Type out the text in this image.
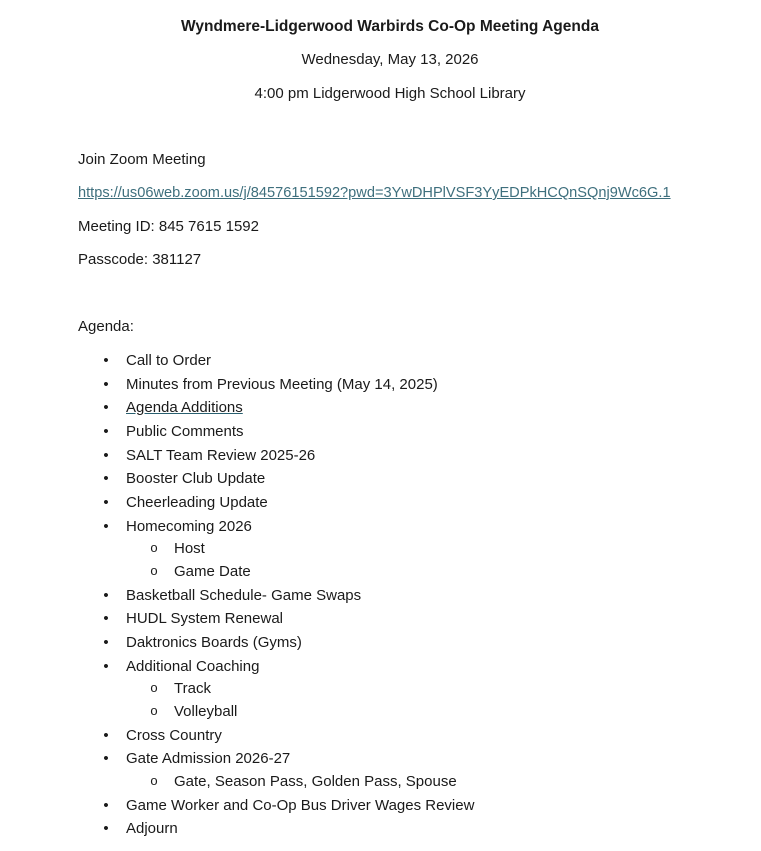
Wyndmere-Lidgerwood Warbirds Co-Op Meeting Agenda
Wednesday, May 13, 2026
4:00 pm Lidgerwood High School Library
Join Zoom Meeting
https://us06web.zoom.us/j/84576151592?pwd=3YwDHPlVSF3YyEDPkHCQnSQnj9Wc6G.1
Meeting ID: 845 7615 1592
Passcode: 381127
Agenda:
• Call to Order
• Minutes from Previous Meeting (May 14, 2025)
• Agenda Additions
• Public Comments
• SALT Team Review 2025-26
• Booster Club Update
• Cheerleading Update
• Homecoming 2026
o Host
o Game Date
• Basketball Schedule- Game Swaps
• HUDL System Renewal
• Daktronics Boards (Gyms)
• Additional Coaching
o Track
o Volleyball
• Cross Country
• Gate Admission 2026-27
o Gate, Season Pass, Golden Pass, Spouse
• Game Worker and Co-Op Bus Driver Wages Review
• Adjourn
